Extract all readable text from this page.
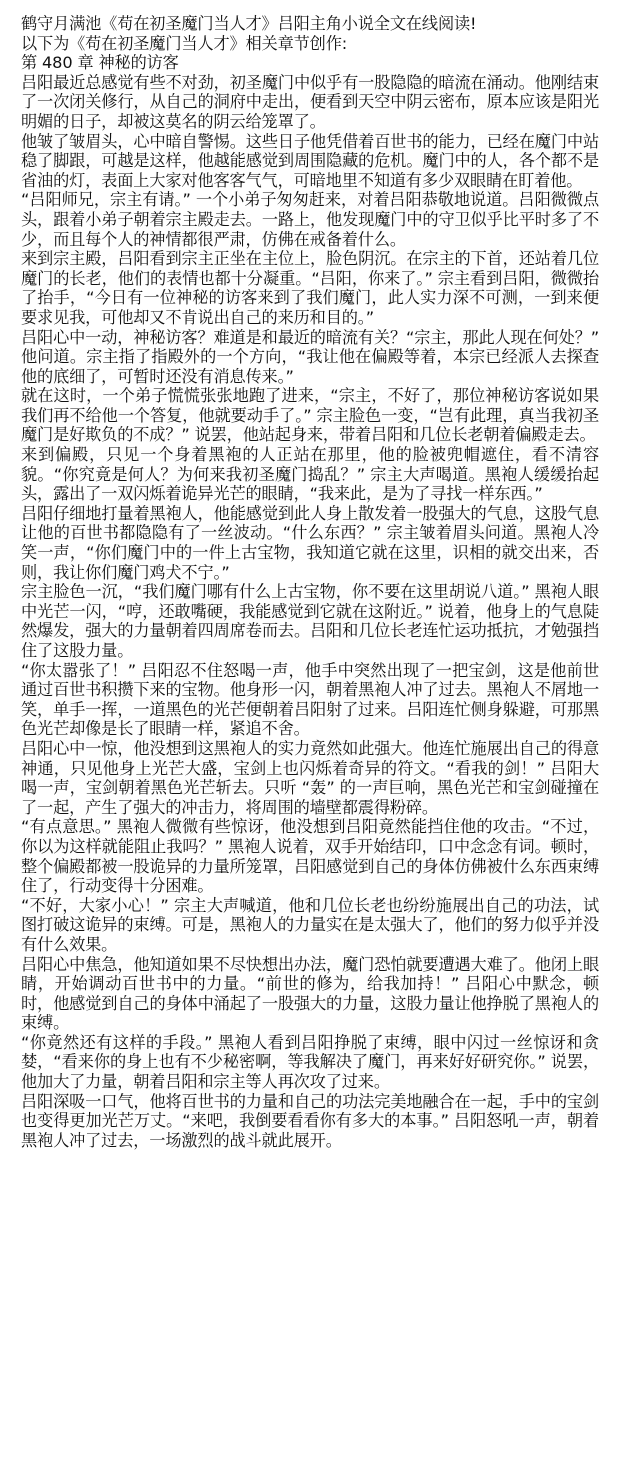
鹤守月满池《苟在初圣魔门当人才》吕阳主角小说全文在线阅读!

以下为《苟在初圣魔门当人才》相关章节创作:

第 480 章 神秘的访客

吕阳最近总感觉有些不对劲，初圣魔门中似乎有一股隐隐的暗流在涌动。他刚结束了一次闭关修行，从自己的洞府中走出，便看到天空中阴云密布，原本应该是阳光明媚的日子，却被这莫名的阴云给笼罩了。

他皱了皱眉头，心中暗自警惕。这些日子他凭借着百世书的能力，已经在魔门中站稳了脚跟，可越是这样，他越能感觉到周围隐藏的危机。魔门中的人，各个都不是省油的灯，表面上大家对他客客气气，可暗地里不知道有多少双眼睛在盯着他。

“吕阳师兄，宗主有请。” 一个小弟子匆匆赶来，对着吕阳恭敬地说道。吕阳微微点头，跟着小弟子朝着宗主殿走去。一路上，他发现魔门中的守卫似乎比平时多了不少，而且每个人的神情都很严肃，仿佛在戒备着什么。

来到宗主殿，吕阳看到宗主正坐在主位上，脸色阴沉。在宗主的下首，还站着几位魔门的长老，他们的表情也都十分凝重。“吕阳，你来了。” 宗主看到吕阳，微微抬了抬手，“今日有一位神秘的访客来到了我们魔门，此人实力深不可测，一到来便要求见我，可他却又不肯说出自己的来历和目的。”

吕阳心中一动，神秘访客？难道是和最近的暗流有关？“宗主，那此人现在何处？” 他问道。宗主指了指殿外的一个方向，“我让他在偏殿等着，本宗已经派人去探查他的底细了，可暂时还没有消息传来。”

就在这时，一个弟子慌慌张张地跑了进来，“宗主，不好了，那位神秘访客说如果我们再不给他一个答复，他就要动手了。” 宗主脸色一变，“岂有此理，真当我初圣魔门是好欺负的不成？” 说罢，他站起身来，带着吕阳和几位长老朝着偏殿走去。

来到偏殿，只见一个身着黑袍的人正站在那里，他的脸被兜帽遮住，看不清容貌。“你究竟是何人？为何来我初圣魔门捣乱？” 宗主大声喝道。黑袍人缓缓抬起头，露出了一双闪烁着诡异光芒的眼睛，“我来此，是为了寻找一样东西。”

吕阳仔细地打量着黑袍人，他能感觉到此人身上散发着一股强大的气息，这股气息让他的百世书都隐隐有了一丝波动。“什么东西？” 宗主皱着眉头问道。黑袍人冷笑一声，“你们魔门中的一件上古宝物，我知道它就在这里，识相的就交出来，否则，我让你们魔门鸡犬不宁。”

宗主脸色一沉，“我们魔门哪有什么上古宝物，你不要在这里胡说八道。” 黑袍人眼中光芒一闪，“哼，还敢嘴硬，我能感觉到它就在这附近。” 说着，他身上的气息陡然爆发，强大的力量朝着四周席卷而去。吕阳和几位长老连忙运功抵抗，才勉强挡住了这股力量。

“你太嚣张了！” 吕阳忍不住怒喝一声，他手中突然出现了一把宝剑，这是他前世通过百世书积攒下来的宝物。他身形一闪，朝着黑袍人冲了过去。黑袍人不屑地一笑，单手一挥，一道黑色的光芒便朝着吕阳射了过来。吕阳连忙侧身躲避，可那黑色光芒却像是长了眼睛一样，紧追不舍。

吕阳心中一惊，他没想到这黑袍人的实力竟然如此强大。他连忙施展出自己的得意神通，只见他身上光芒大盛，宝剑上也闪烁着奇异的符文。“看我的剑！” 吕阳大喝一声，宝剑朝着黑色光芒斩去。只听 “轰” 的一声巨响，黑色光芒和宝剑碰撞在了一起，产生了强大的冲击力，将周围的墙壁都震得粉碎。

“有点意思。” 黑袍人微微有些惊讶，他没想到吕阳竟然能挡住他的攻击。“不过，你以为这样就能阻止我吗？” 黑袍人说着，双手开始结印，口中念念有词。顿时，整个偏殿都被一股诡异的力量所笼罩，吕阳感觉到自己的身体仿佛被什么东西束缚住了，行动变得十分困难。

“不好，大家小心！” 宗主大声喊道，他和几位长老也纷纷施展出自己的功法，试图打破这诡异的束缚。可是，黑袍人的力量实在是太强大了，他们的努力似乎并没有什么效果。

吕阳心中焦急，他知道如果不尽快想出办法，魔门恐怕就要遭遇大难了。他闭上眼睛，开始调动百世书中的力量。“前世的修为，给我加持！” 吕阳心中默念，顿时，他感觉到自己的身体中涌起了一股强大的力量，这股力量让他挣脱了黑袍人的束缚。

“你竟然还有这样的手段。” 黑袍人看到吕阳挣脱了束缚，眼中闪过一丝惊讶和贪婪，“看来你的身上也有不少秘密啊，等我解决了魔门，再来好好研究你。” 说罢，他加大了力量，朝着吕阳和宗主等人再次攻了过来。

吕阳深吸一口气，他将百世书的力量和自己的功法完美地融合在一起，手中的宝剑也变得更加光芒万丈。“来吧，我倒要看看你有多大的本事。” 吕阳怒吼一声，朝着黑袍人冲了过去，一场激烈的战斗就此展开。
